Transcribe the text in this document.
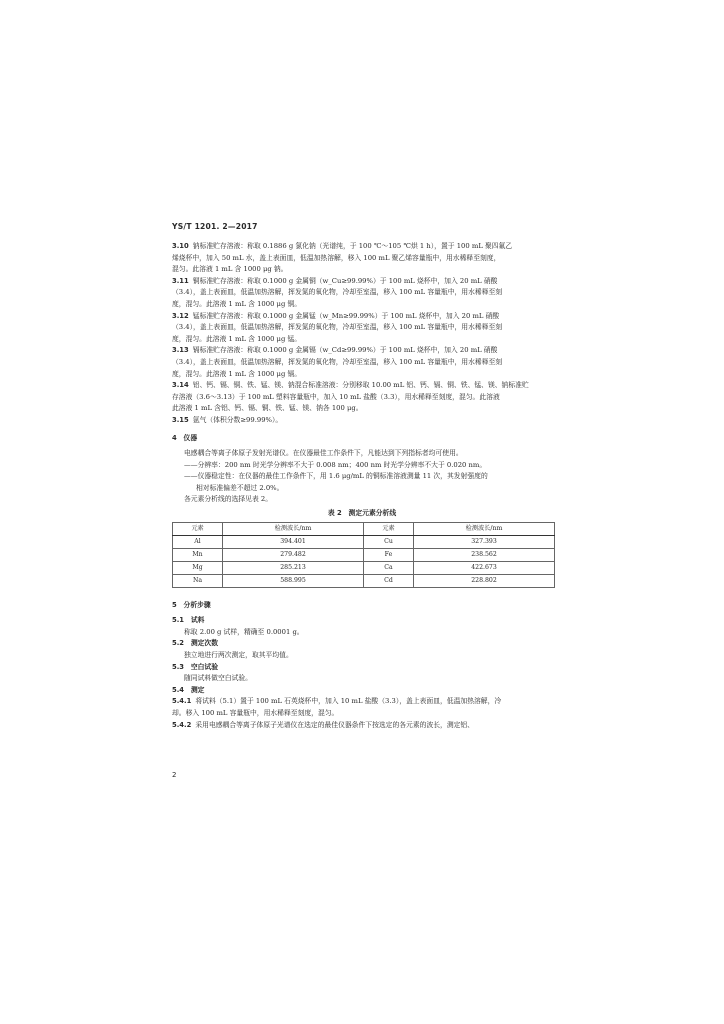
YS/T 1201. 2—2017
3.10 钠标准贮存溶液：称取 0.1886 g 氯化钠（光谱纯，于 100 ℃～105 ℃烘 1 h），置于 100 mL 聚四氟乙
烯烧杯中，加入 50 mL 水，盖上表面皿，低温加热溶解，移入 100 mL 聚乙烯容量瓶中，用水稀释至刻度，
混匀。此溶液 1 mL 含 1000 μg 钠。
3.11 铜标准贮存溶液：称取 0.1000 g 金属铜（w_Cu≥99.99%）于 100 mL 烧杯中，加入 20 mL 硝酸
（3.4），盖上表面皿，低温加热溶解，挥发氮的氧化物，冷却至室温，移入 100 mL 容量瓶中，用水稀释至刻
度，混匀。此溶液 1 mL 含 1000 μg 铜。
3.12 锰标准贮存溶液：称取 0.1000 g 金属锰（w_Mn≥99.99%）于 100 mL 烧杯中，加入 20 mL 硝酸
（3.4），盖上表面皿，低温加热溶解，挥发氮的氧化物，冷却至室温，移入 100 mL 容量瓶中，用水稀释至刻
度，混匀。此溶液 1 mL 含 1000 μg 锰。
3.13 镉标准贮存溶液：称取 0.1000 g 金属镉（w_Cd≥99.99%）于 100 mL 烧杯中，加入 20 mL 硝酸
（3.4），盖上表面皿，低温加热溶解，挥发氮的氧化物，冷却至室温，移入 100 mL 容量瓶中，用水稀释至刻
度，混匀。此溶液 1 mL 含 1000 μg 镉。
3.14 铝、钙、镉、铜、铁、锰、镁、钠混合标准溶液：分别移取 10.00 mL 铝、钙、镉、铜、铁、锰、镁、钠标准贮
存溶液（3.6～3.13）于 100 mL 塑料容量瓶中，加入 10 mL 盐酸（3.3），用水稀释至刻度，混匀。此溶液
此溶液 1 mL 含铝、钙、镉、铜、铁、锰、镁、钠各 100 μg。
3.15 氩气（体积分数≥99.99%）。
4　仪器
电感耦合等离子体原子发射光谱仪。在仪器最佳工作条件下，凡能达到下列指标者均可使用。
——分辨率：200 nm 时光学分辨率不大于 0.008 nm；400 nm 时光学分辨率不大于 0.020 nm。
——仪器稳定性：在仪器的最佳工作条件下，用 1.6 μg/mL 的铜标准溶液测量 11 次，其发射强度的
相对标准偏差不超过 2.0%。
各元素分析线的选择见表 2。
表 2　测定元素分析线
元素	检测波长/nm	元素	检测波长/nm
Al	394.401	Cu	327.393
Mn	279.482	Fe	238.562
Mg	285.213	Ca	422.673
Na	588.995	Cd	228.802
5　分析步骤
5.1　试料
称取 2.00 g 试样，精确至 0.0001 g。
5.2　测定次数
独立地进行两次测定，取其平均值。
5.3　空白试验
随同试料做空白试验。
5.4　测定
5.4.1 将试料（5.1）置于 100 mL 石英烧杯中，加入 10 mL 盐酸（3.3），盖上表面皿，低温加热溶解，冷
却。移入 100 mL 容量瓶中，用水稀释至刻度，混匀。
5.4.2 采用电感耦合等离子体原子光谱仪在选定的最佳仪器条件下按选定的各元素的波长，测定铝、
2
